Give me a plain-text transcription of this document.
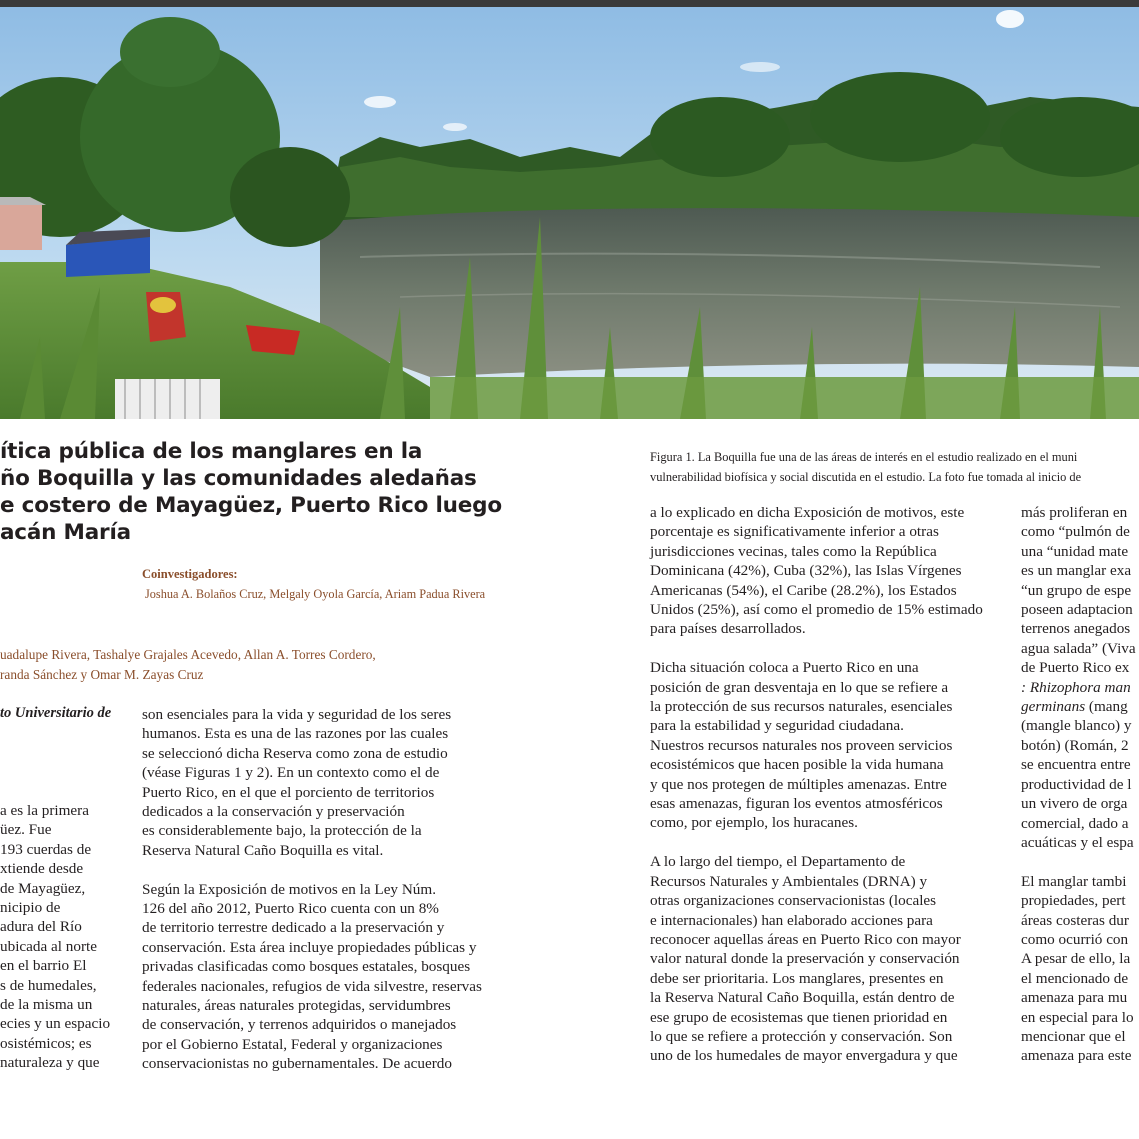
ítica pública de los manglares en la
ño Boquilla y las comunidades aledañas
e costero de Mayagüez, Puerto Rico luego
acán María
Coinvestigadores:
Joshua A. Bolaños Cruz, Melgaly Oyola García, Ariam Padua Rivera
uadalupe Rivera, Tashalye Grajales Acevedo, Allan A. Torres Cordero,
randa Sánchez y Omar M. Zayas Cruz
to Universitario de
Figura 1. La Boquilla fue una de las áreas de interés en el estudio realizado en el muni
vulnerabilidad biofísica y social discutida en el estudio. La foto fue tomada al inicio de
a es la primera
üez. Fue
193 cuerdas de
xtiende desde
de Mayagüez,
nicipio de
adura del Río
ubicada al norte
en el barrio El
s de humedales,
de la misma un
ecies y un espacio
osistémicos; es
naturaleza y que
son esenciales para la vida y seguridad de los seres
humanos. Esta es una de las razones por las cuales
se seleccionó dicha Reserva como zona de estudio
(véase Figuras 1 y 2). En un contexto como el de
Puerto Rico, en el que el porciento de territorios
dedicados a la conservación y preservación
es considerablemente bajo, la protección de la
Reserva Natural Caño Boquilla es vital.
Según la Exposición de motivos en la Ley Núm.
126 del año 2012, Puerto Rico cuenta con un 8%
de territorio terrestre dedicado a la preservación y
conservación. Esta área incluye propiedades públicas y
privadas clasificadas como bosques estatales, bosques
federales nacionales, refugios de vida silvestre, reservas
naturales, áreas naturales protegidas, servidumbres
de conservación, y terrenos adquiridos o manejados
por el Gobierno Estatal, Federal y organizaciones
conservacionistas no gubernamentales. De acuerdo
a lo explicado en dicha Exposición de motivos, este
porcentaje es significativamente inferior a otras
jurisdicciones vecinas, tales como la República
Dominicana (42%), Cuba (32%), las Islas Vírgenes
Americanas (54%), el Caribe (28.2%), los Estados
Unidos (25%), así como el promedio de 15% estimado
para países desarrollados.
Dicha situación coloca a Puerto Rico en una
posición de gran desventaja en lo que se refiere a
la protección de sus recursos naturales, esenciales
para la estabilidad y seguridad ciudadana.
Nuestros recursos naturales nos proveen servicios
ecosistémicos que hacen posible la vida humana
y que nos protegen de múltiples amenazas. Entre
esas amenazas, figuran los eventos atmosféricos
como, por ejemplo, los huracanes.
A lo largo del tiempo, el Departamento de
Recursos Naturales y Ambientales (DRNA) y
otras organizaciones conservacionistas (locales
e internacionales) han elaborado acciones para
reconocer aquellas áreas en Puerto Rico con mayor
valor natural donde la preservación y conservación
debe ser prioritaria. Los manglares, presentes en
la Reserva Natural Caño Boquilla, están dentro de
ese grupo de ecosistemas que tienen prioridad en
lo que se refiere a protección y conservación. Son
uno de los humedales de mayor envergadura y que
más proliferan en
como “pulmón de
una “unidad mate
es un manglar exa
“un grupo de espe
poseen adaptacion
terrenos anegados
agua salada” (Viva
de Puerto Rico ex
: Rhizophora man
germinans (mang
(mangle blanco) y
botón) (Román, 2
se encuentra entre
productividad de l
un vivero de orga
comercial, dado a
acuáticas y el espa
El manglar tambi
propiedades, pert
áreas costeras dur
como ocurrió con
A pesar de ello, la
el mencionado de
amenaza para mu
en especial para lo
mencionar que el
amenaza para este
